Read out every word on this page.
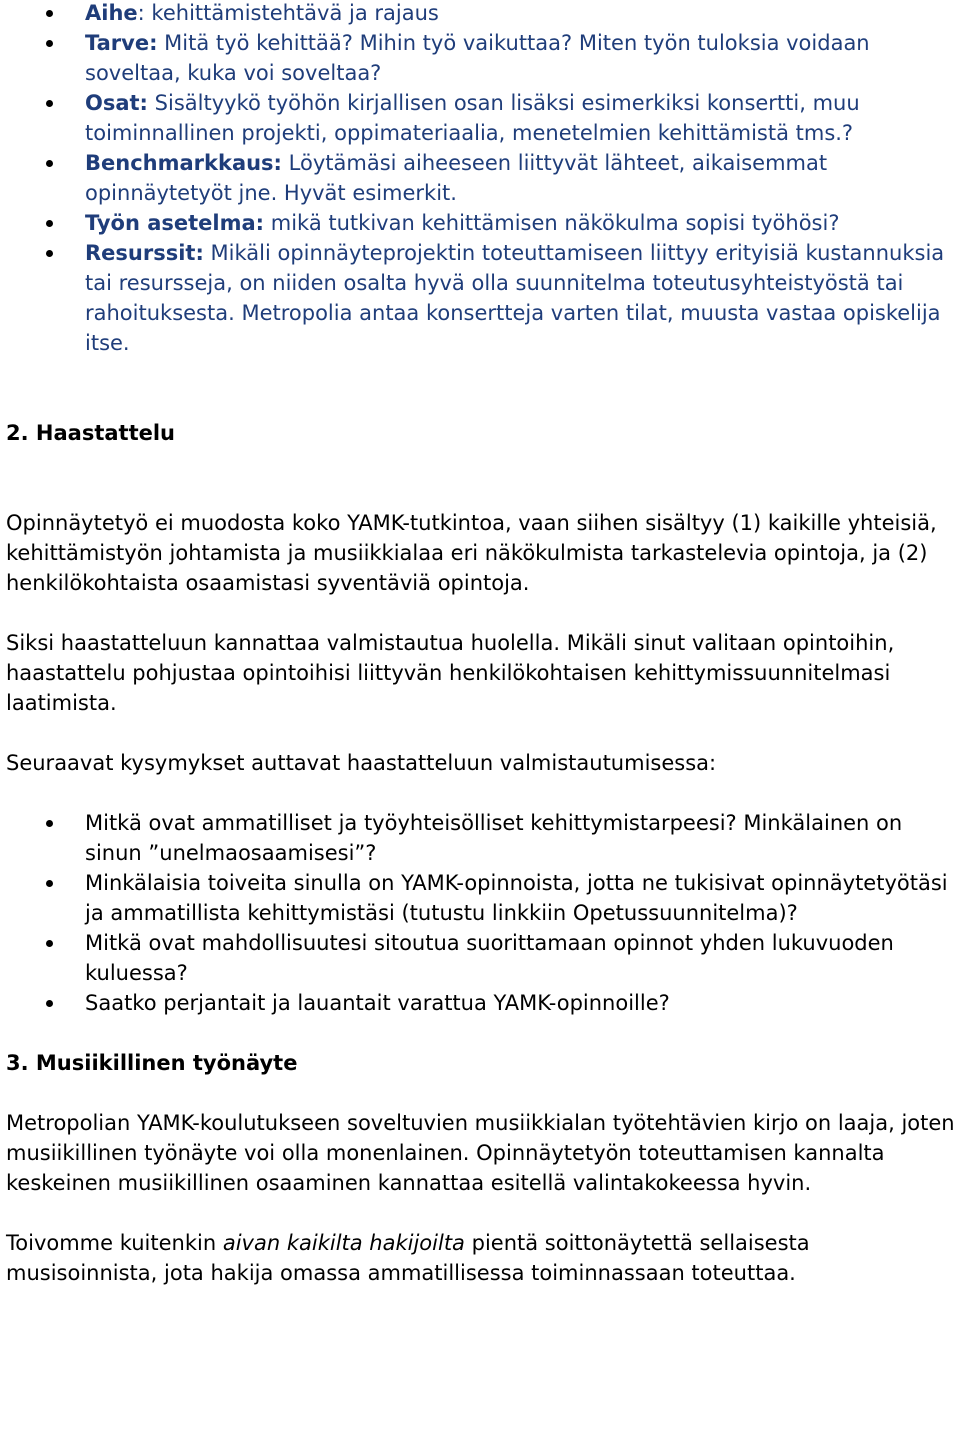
Aihe: kehittämistehtävä ja rajaus
Tarve: Mitä työ kehittää? Mihin työ vaikuttaa? Miten työn tuloksia voidaan soveltaa, kuka voi soveltaa?
Osat: Sisältyykö työhön kirjallisen osan lisäksi esimerkiksi konsertti, muu toiminnallinen projekti, oppimateriaalia, menetelmien kehittämistä tms.?
Benchmarkkaus: Löytämäsi aiheeseen liittyvät lähteet, aikaisemmat opinnäytetyöt jne. Hyvät esimerkit.
Työn asetelma: mikä tutkivan kehittämisen näkökulma sopisi työhösi?
Resurssit: Mikäli opinnäyteprojektin toteuttamiseen liittyy erityisiä kustannuksia tai resursseja, on niiden osalta hyvä olla suunnitelma toteutusyhteistyöstä tai rahoituksesta. Metropolia antaa konsertteja varten tilat, muusta vastaa opiskelija itse.
2. Haastattelu

Opinnäytetyö ei muodosta koko YAMK-tutkintoa, vaan siihen sisältyy (1) kaikille yhteisiä, kehittämistyön johtamista ja musiikkialaa eri näkökulmista tarkastelevia opintoja, ja (2) henkilökohtaista osaamistasi syventäviä opintoja.

Siksi haastatteluun kannattaa valmistautua huolella. Mikäli sinut valitaan opintoihin, haastattelu pohjustaa opintoihisi liittyvän henkilökohtaisen kehittymissuunnitelmasi laatimista.

Seuraavat kysymykset auttavat haastatteluun valmistautumisessa:

Mitkä ovat ammatilliset ja työyhteisölliset kehittymistarpeesi? Minkälainen on sinun ”unelmaosaamisesi”?
Minkälaisia toiveita sinulla on YAMK-opinnoista, jotta ne tukisivat opinnäytetyötäsi ja ammatillista kehittymistäsi (tutustu linkkiin Opetussuunnitelma)?
Mitkä ovat mahdollisuutesi sitoutua suorittamaan opinnot yhden lukuvuoden kuluessa?
Saatko perjantait ja lauantait varattua YAMK-opinnoille?
3. Musiikillinen työnäyte

Metropolian YAMK-koulutukseen soveltuvien musiikkialan työtehtävien kirjo on laaja, joten musiikillinen työnäyte voi olla monenlainen. Opinnäytetyön toteuttamisen kannalta keskeinen musiikillinen osaaminen kannattaa esitellä valintakokeessa hyvin.

Toivomme kuitenkin aivan kaikilta hakijoilta pientä soittonäytettä sellaisesta musisoinnista, jota hakija omassa ammatillisessa toiminnassaan toteuttaa.
